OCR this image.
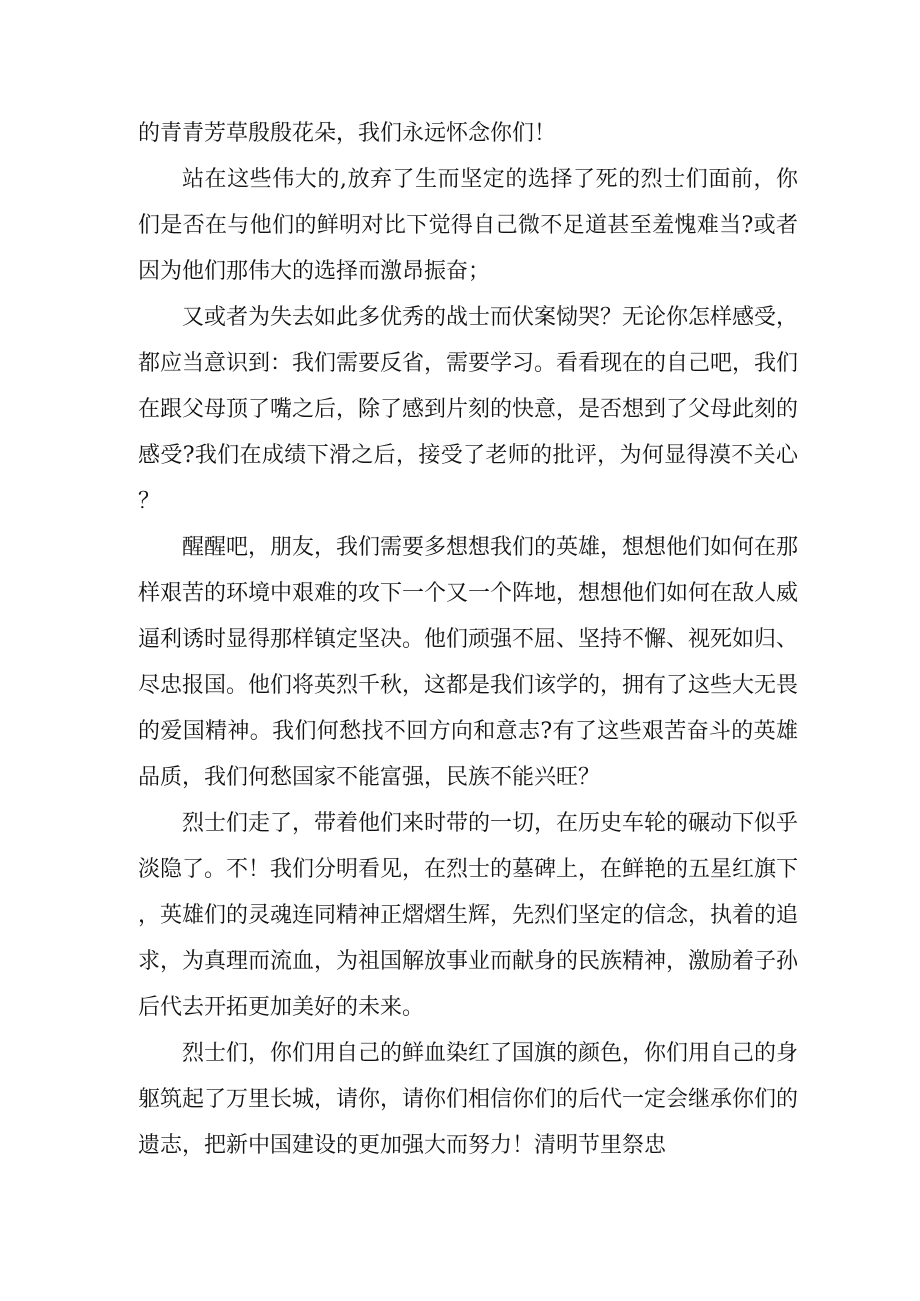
的青青芳草殷殷花朵，我们永远怀念你们！

站在这些伟大的,放弃了生而坚定的选择了死的烈士们面前，你们是否在与他们的鲜明对比下觉得自己微不足道甚至羞愧难当?或者因为他们那伟大的选择而激昂振奋；

又或者为失去如此多优秀的战士而伏案恸哭？无论你怎样感受，都应当意识到：我们需要反省，需要学习。看看现在的自己吧，我们在跟父母顶了嘴之后，除了感到片刻的快意，是否想到了父母此刻的感受?我们在成绩下滑之后，接受了老师的批评，为何显得漠不关心？

醒醒吧，朋友，我们需要多想想我们的英雄，想想他们如何在那样艰苦的环境中艰难的攻下一个又一个阵地，想想他们如何在敌人威逼利诱时显得那样镇定坚决。他们顽强不屈、坚持不懈、视死如归、尽忠报国。他们将英烈千秋，这都是我们该学的，拥有了这些大无畏的爱国精神。我们何愁找不回方向和意志?有了这些艰苦奋斗的英雄品质，我们何愁国家不能富强，民族不能兴旺？

烈士们走了，带着他们来时带的一切，在历史车轮的碾动下似乎淡隐了。不！我们分明看见，在烈士的墓碑上，在鲜艳的五星红旗下，英雄们的灵魂连同精神正熠熠生辉，先烈们坚定的信念，执着的追求，为真理而流血，为祖国解放事业而献身的民族精神，激励着子孙后代去开拓更加美好的未来。

烈士们，你们用自己的鲜血染红了国旗的颜色，你们用自己的身躯筑起了万里长城，请你，请你们相信你们的后代一定会继承你们的遗志，把新中国建设的更加强大而努力！清明节里祭忠
